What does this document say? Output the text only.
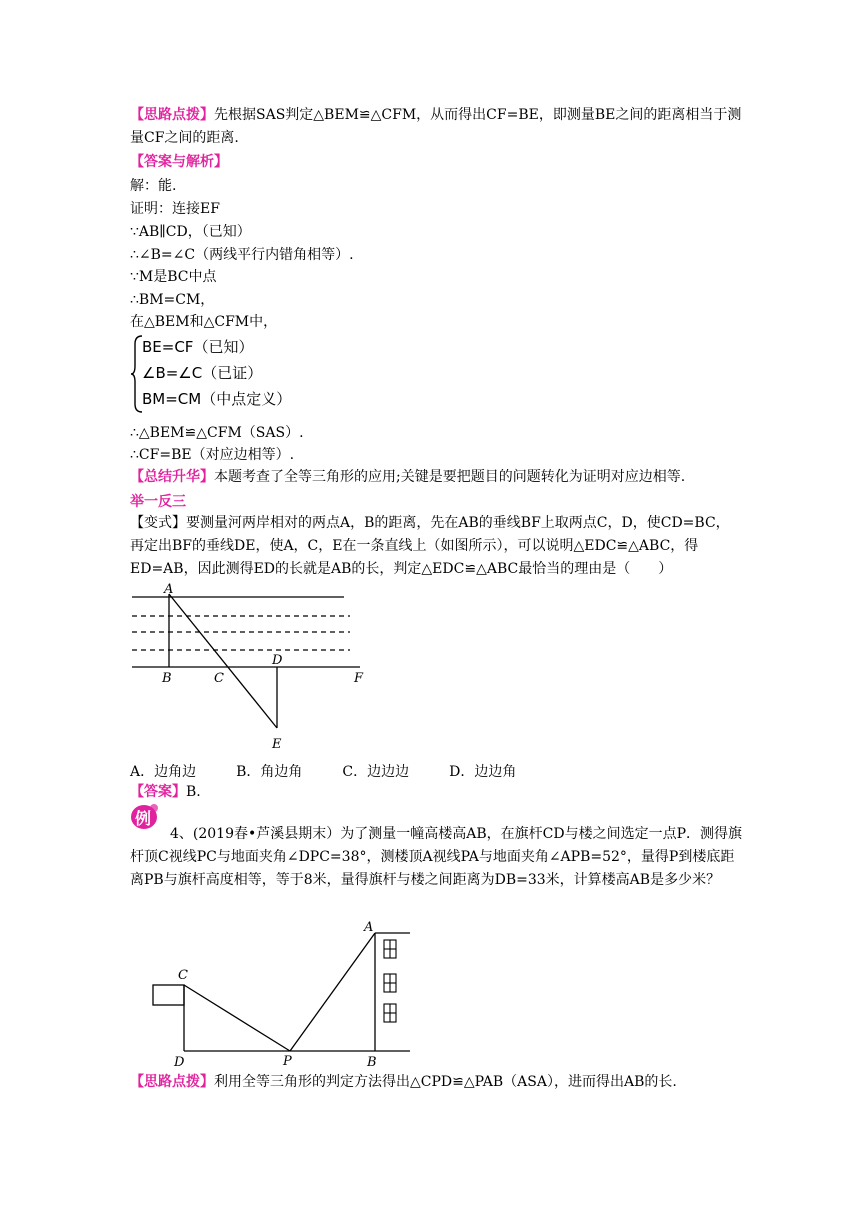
【思路点拨】先根据SAS判定△BEM≌△CFM，从而得出CF=BE，即测量BE之间的距离相当于测量CF之间的距离.
【答案与解析】
解：能.
证明：连接EF
∵AB∥CD，（已知）
∴∠B=∠C（两线平行内错角相等）.
∵M是BC中点
∴BM=CM，
在△BEM和△CFM中，
BE=CF（已知）
∠B=∠C（已证）
BM=CM（中点定义）
∴△BEM≌△CFM（SAS）.
∴CF=BE（对应边相等）.
【总结升华】本题考查了全等三角形的应用;关键是要把题目的问题转化为证明对应边相等.
举一反三
【变式】要测量河两岸相对的两点A，B的距离，先在AB的垂线BF上取两点C，D，使CD=BC，再定出BF的垂线DE，使A，C，E在一条直线上（如图所示），可以说明△EDC≌△ABC，得ED=AB，因此测得ED的长就是AB的长，判定△EDC≌△ABC最恰当的理由是（　　）
A
B	C
D
E
F
A．边角边	B．角边角	C．边边边	D．边边角
【答案】B.
例
4、(2019春•芦溪县期末）为了测量一幢高楼高AB，在旗杆CD与楼之间选定一点P．测得旗杆顶C视线PC与地面夹角∠DPC=38°，测楼顶A视线PA与地面夹角∠APB=52°，量得P到楼底距离PB与旗杆高度相等，等于8米，量得旗杆与楼之间距离为DB=33米，计算楼高AB是多少米？
A
C
D	P	B
【思路点拨】利用全等三角形的判定方法得出△CPD≌△PAB（ASA），进而得出AB的长.
